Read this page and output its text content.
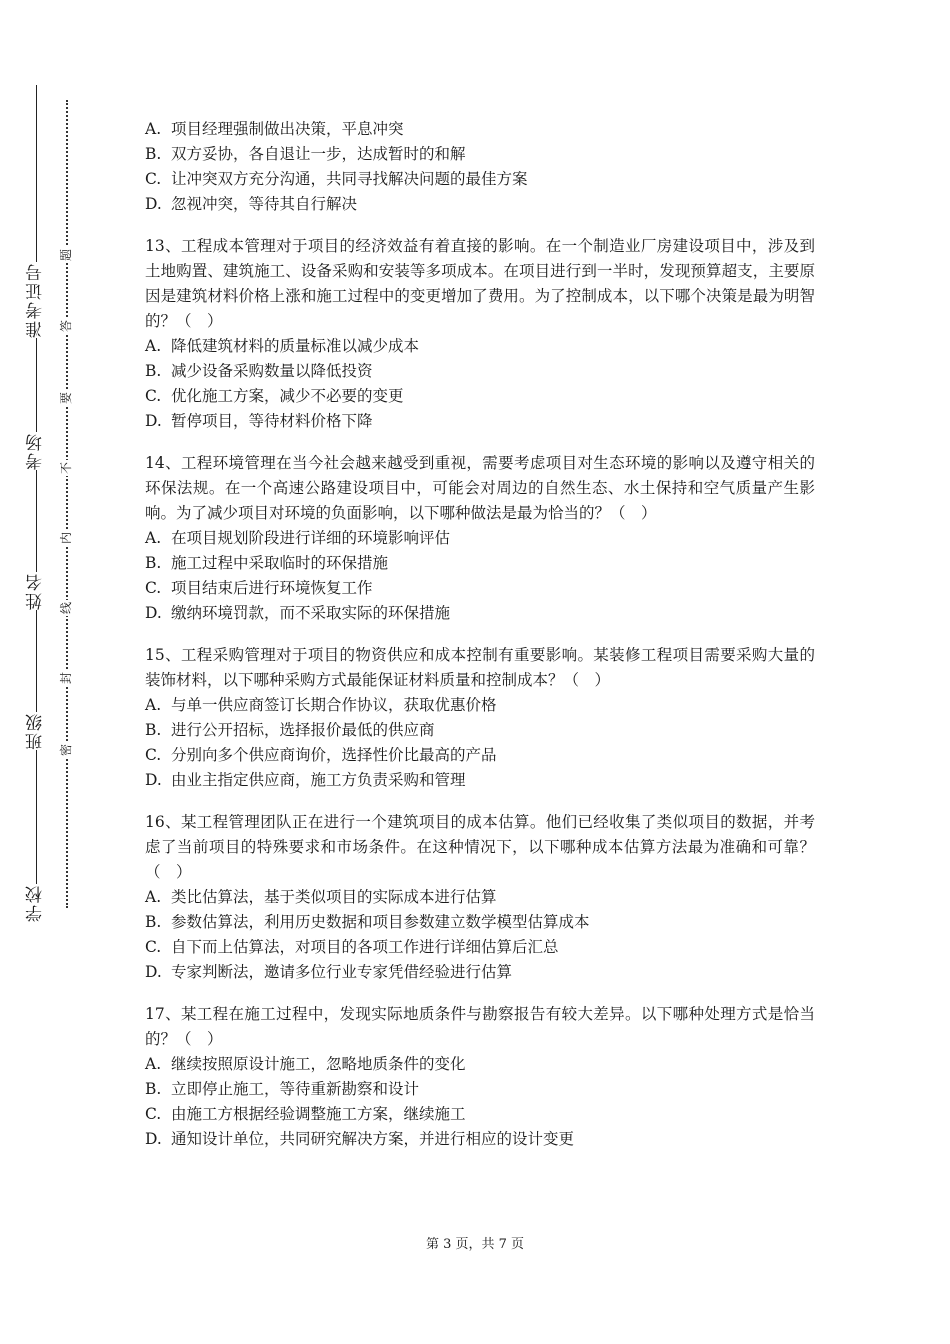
准考证号
考场
姓名
班级
学校
题
答
要
不
内
线
封
密
A. 项目经理强制做出决策，平息冲突
B. 双方妥协，各自退让一步，达成暂时的和解
C. 让冲突双方充分沟通，共同寻找解决问题的最佳方案
D. 忽视冲突，等待其自行解决
13、工程成本管理对于项目的经济效益有着直接的影响。在一个制造业厂房建设项目中，涉及到土地购置、建筑施工、设备采购和安装等多项成本。在项目进行到一半时，发现预算超支，主要原因是建筑材料价格上涨和施工过程中的变更增加了费用。为了控制成本，以下哪个决策是最为明智的？（　）
A. 降低建筑材料的质量标准以减少成本
B. 减少设备采购数量以降低投资
C. 优化施工方案，减少不必要的变更
D. 暂停项目，等待材料价格下降
14、工程环境管理在当今社会越来越受到重视，需要考虑项目对生态环境的影响以及遵守相关的环保法规。在一个高速公路建设项目中，可能会对周边的自然生态、水土保持和空气质量产生影响。为了减少项目对环境的负面影响，以下哪种做法是最为恰当的？（　）
A. 在项目规划阶段进行详细的环境影响评估
B. 施工过程中采取临时的环保措施
C. 项目结束后进行环境恢复工作
D. 缴纳环境罚款，而不采取实际的环保措施
15、工程采购管理对于项目的物资供应和成本控制有重要影响。某装修工程项目需要采购大量的装饰材料，以下哪种采购方式最能保证材料质量和控制成本？（　）
A. 与单一供应商签订长期合作协议，获取优惠价格
B. 进行公开招标，选择报价最低的供应商
C. 分别向多个供应商询价，选择性价比最高的产品
D. 由业主指定供应商，施工方负责采购和管理
16、某工程管理团队正在进行一个建筑项目的成本估算。他们已经收集了类似项目的数据，并考虑了当前项目的特殊要求和市场条件。在这种情况下，以下哪种成本估算方法最为准确和可靠？（　）
A. 类比估算法，基于类似项目的实际成本进行估算
B. 参数估算法，利用历史数据和项目参数建立数学模型估算成本
C. 自下而上估算法，对项目的各项工作进行详细估算后汇总
D. 专家判断法，邀请多位行业专家凭借经验进行估算
17、某工程在施工过程中，发现实际地质条件与勘察报告有较大差异。以下哪种处理方式是恰当的？（　）
A. 继续按照原设计施工，忽略地质条件的变化
B. 立即停止施工，等待重新勘察和设计
C. 由施工方根据经验调整施工方案，继续施工
D. 通知设计单位，共同研究解决方案，并进行相应的设计变更
第 3 页，共 7 页
